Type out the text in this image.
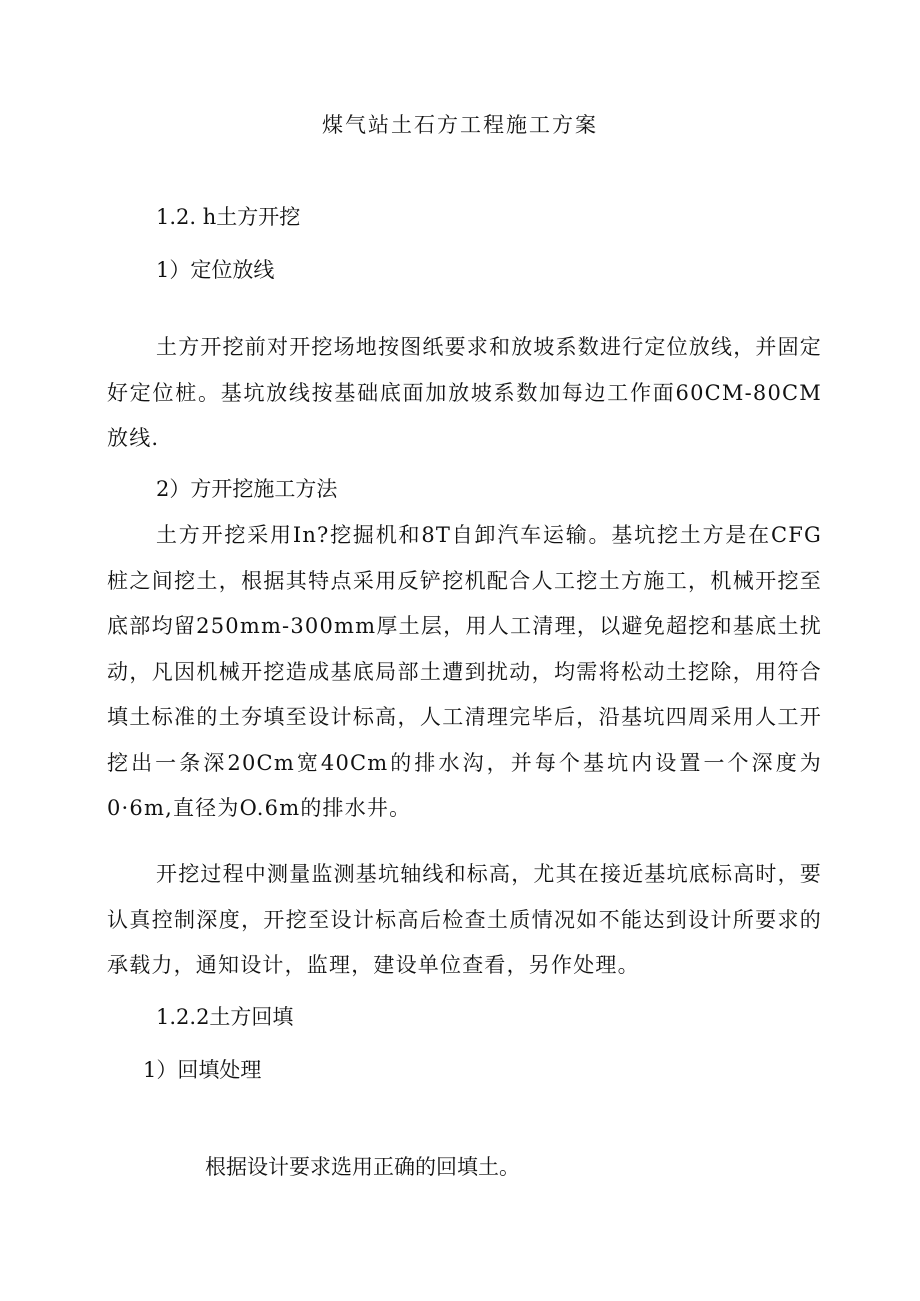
煤气站土石方工程施工方案
1.2. h土方开挖
1）定位放线
土方开挖前对开挖场地按图纸要求和放坡系数进行定位放线，并固定好定位桩。基坑放线按基础底面加放坡系数加每边工作面60CM-80CM放线.
2）方开挖施工方法
土方开挖采用In?挖掘机和8T自卸汽车运输。基坑挖土方是在CFG桩之间挖土，根据其特点采用反铲挖机配合人工挖土方施工，机械开挖至底部均留250mm-300mm厚土层，用人工清理，以避免超挖和基底土扰动，凡因机械开挖造成基底局部土遭到扰动，均需将松动土挖除，用符合填土标准的土夯填至设计标高，人工清理完毕后，沿基坑四周采用人工开挖出一条深20Cm宽40Cm的排水沟，并每个基坑内设置一个深度为0·6m,直径为O.6m的排水井。
开挖过程中测量监测基坑轴线和标高，尤其在接近基坑底标高时，要认真控制深度，开挖至设计标高后检查土质情况如不能达到设计所要求的承载力，通知设计，监理，建设单位查看，另作处理。
1.2.2土方回填
1）回填处理
根据设计要求选用正确的回填土。
